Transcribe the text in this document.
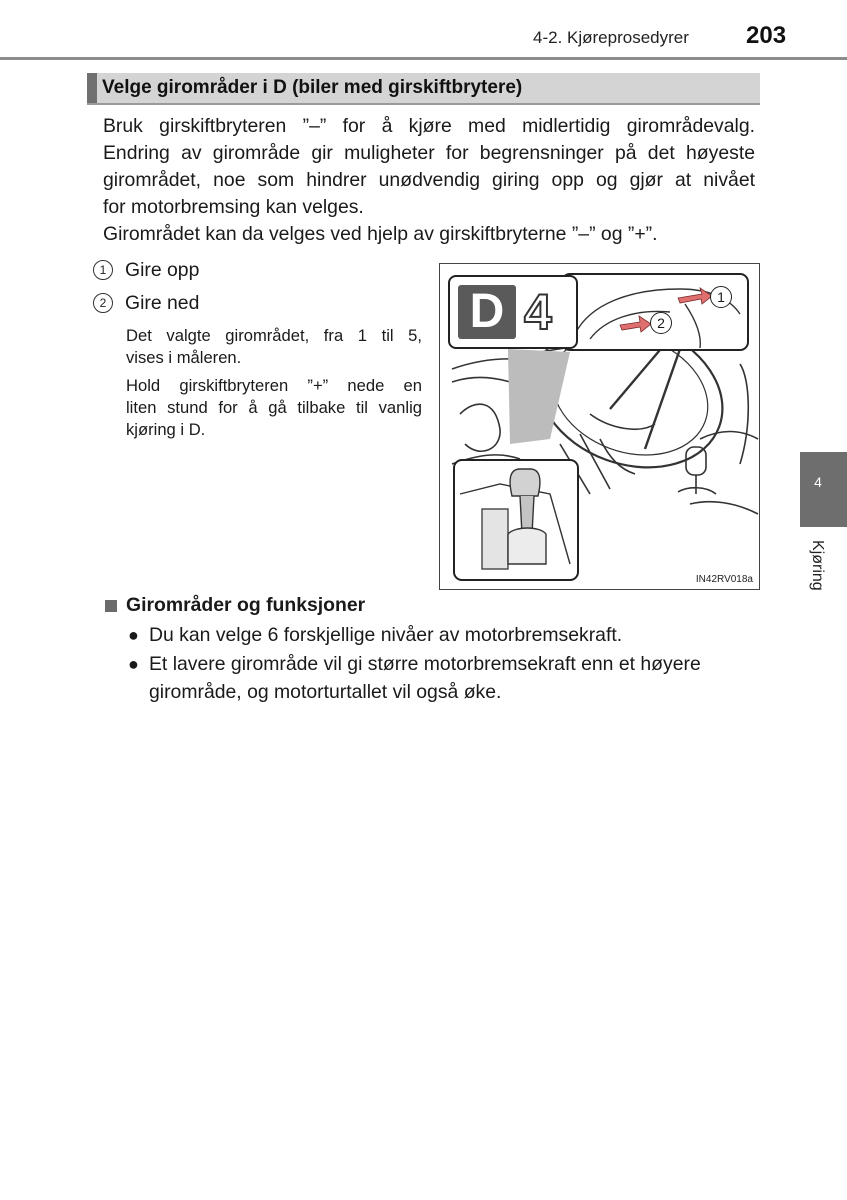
4-2. Kjøreprosedyrer 203
Velge girområder i D (biler med girskiftbrytere)
Bruk girskiftbryteren ”–” for å kjøre med midlertidig girområdevalg.
Endring av girområde gir muligheter for begrensninger på det høyeste
girområdet, noe som hindrer unødvendig giring opp og gjør at nivået
for motorbremsing kan velges.
Girområdet kan da velges ved hjelp av girskiftbryterne ”–” og ”+”.
1 Gire opp
2 Gire ned
Det valgte girområdet, fra 1 til 5,
vises i måleren.
Hold girskiftbryteren ”+” nede en
liten stund for å gå tilbake til vanlig
kjøring i D.
D 4	1
2
IN42RV018a
Girområder og funksjoner
● Du kan velge 6 forskjellige nivåer av motorbremsekraft.
● Et lavere girområde vil gi større motorbremsekraft enn et høyere
girområde, og motorturtallet vil også øke.
4
Kjøring
